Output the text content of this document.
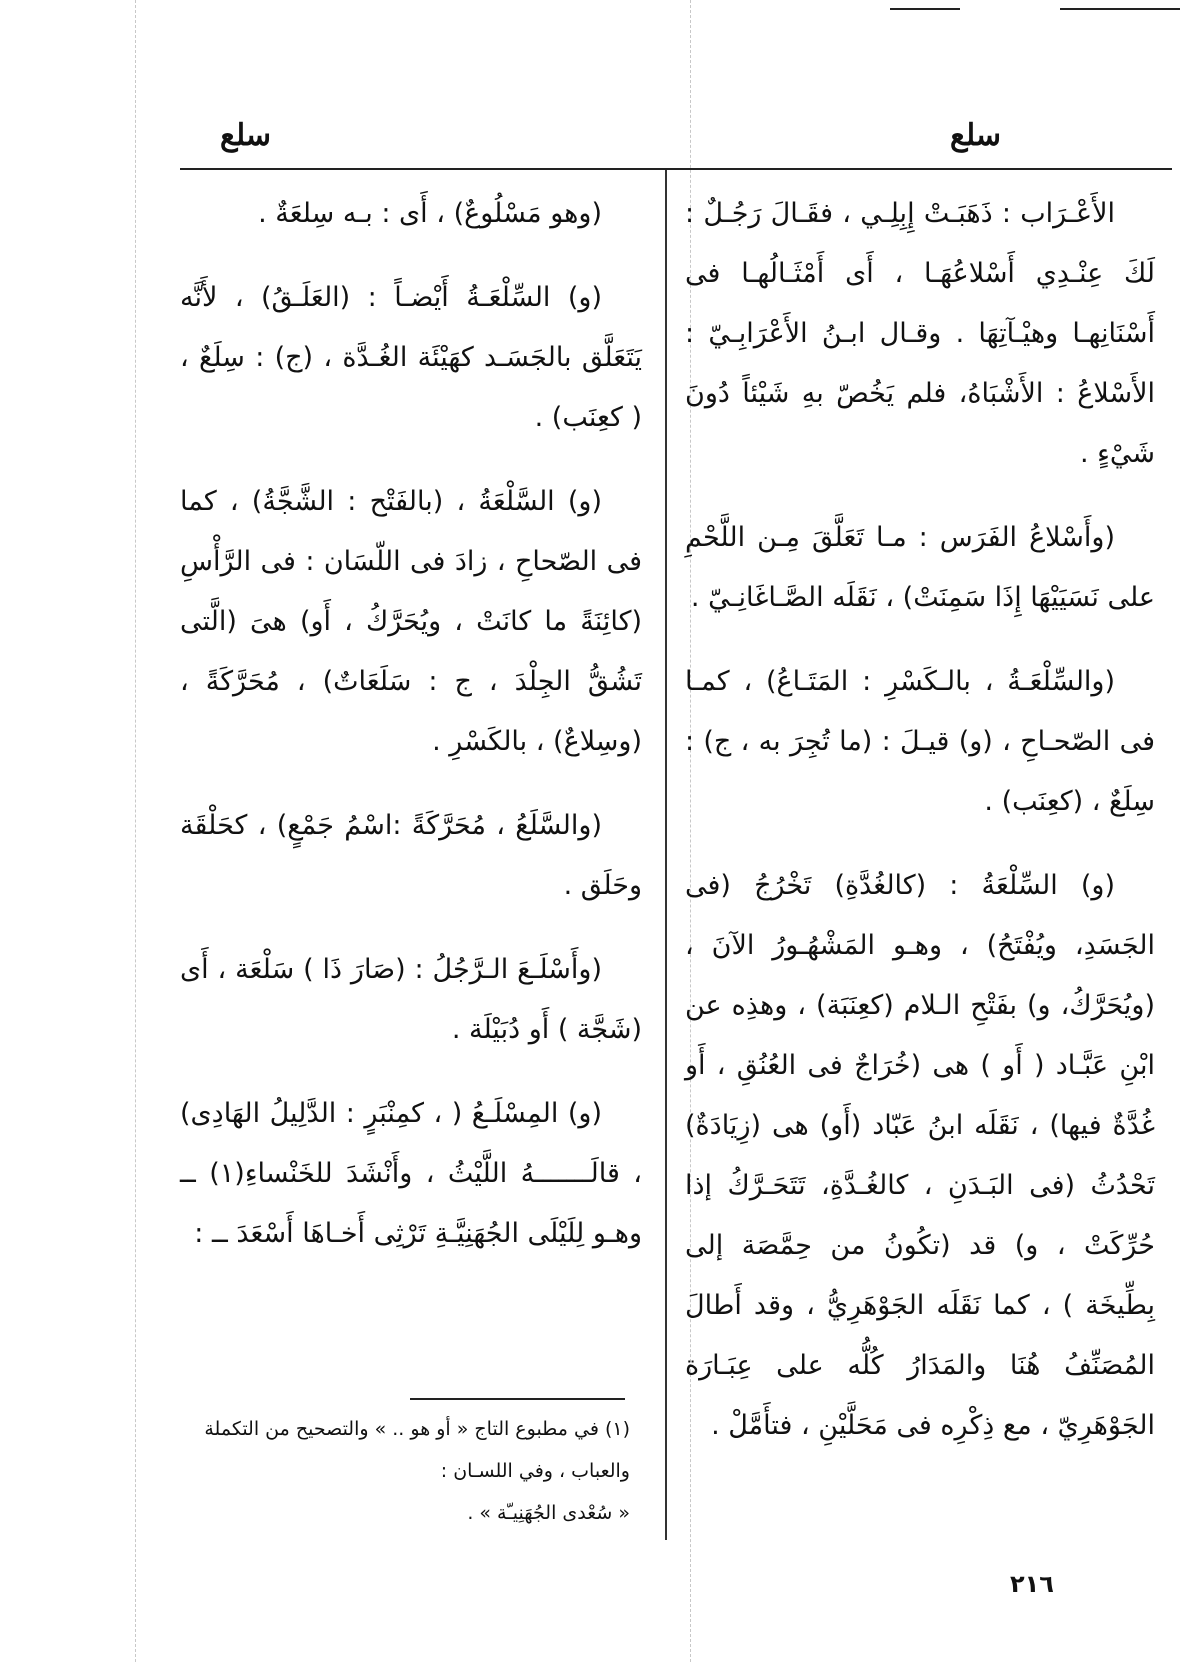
سلع
سلع

الأَعْـرَاب : ذَهَبَـتْ إِبِلِـي ، فقَـالَ رَجُـلٌ : لَكَ عِنْـدِي أَسْلاعُهَـا ، أَى أَمْثَـالُهـا فى أَسْنَانِهـا وهيْـآتِهَا . وقـال ابـنُ الأَعْرَابِـيّ : الأَسْلاعُ : الأَشْبَاهُ، فلم يَخُصّ بهِ شَيْئاً دُونَ شَيْءٍ .

(وأَسْلاعُ الفَرَس : مـا تَعَلَّقَ مِـن اللَّحْمِ على نَسَيَيْهَا إِذَا سَمِنَتْ) ، نَقَلَه الصَّـاغَانِـيّ .

(والسِّلْعَـةُ ، بالـكَسْرِ : المَتَـاعُ) ، كمـا فى الصّحـاحِ ، (و) قيـلَ : (ما تُجِرَ به ، ج) : سِلَعٌ ، (كعِنَب) .

(و) السِّلْعَةُ : (كالغُدَّةِ) تَخْرُجُ (فى الجَسَدِ، ويُفْتَحُ) ، وهـو المَشْهُـورُ الآنَ ، (ويُحَرَّكُ، و) بفَتْحِ الـلام (كعِنَبَة) ، وهذِه عن ابْنِ عَبَّـاد ( أَو ) هى (خُرَاجٌ فى العُنُقِ ، أَو غُدَّةٌ فيها) ، نَقَلَه ابنُ عَبّاد (أَو) هى (زِيَادَةٌ) تَحْدُثُ (فى البَـدَنِ ، كالغُـدَّةِ، تَتَحَـرَّكُ إذا حُرِّكَتْ ، و) قد (تكُونُ من حِمَّصَة إلى بِطِّيخَة ) ، كما نَقَلَه الجَوْهَرِيُّ ، وقد أَطالَ المُصَنِّفُ هُنَا والمَدَارُ كُلُّه على عِبَـارَة الجَوْهَرِيّ ، مع ذِكْرِه فى مَحَلَّيْنِ ، فتأَمَّلْ .

(وهو مَسْلُوعٌ) ، أَى : بـه سِلعَةٌ .

(و) السِّلْعَـةُ أَيْضـاً : (العَلَـقُ) ، لأَنَّه يَتَعَلَّق بالجَسَـد كهَيْئَة الغُـدَّة ، (ج) : سِلَعٌ ، ( كعِنَب) .

(و) السَّلْعَةُ ، (بالفَتْح : الشَّجَّةُ) ، كما فى الصّحاحِ ، زادَ فى اللّسَان : فى الرَّأْسِ (كائِنَةً ما كانَتْ ، ويُحَرَّكُ ، أَو) هىَ (الَّتى تَشُقُّ الجِلْدَ ، ج : سَلَعَاتٌ) ، مُحَرَّكَةً ، (وسِلاعٌ) ، بالكَسْرِ .

(والسَّلَعُ ، مُحَرَّكَةً :اسْمُ جَمْعٍ) ، كحَلْقَة وحَلَق .

(وأَسْلَـعَ الـرَّجُلُ : (صَارَ ذَا ) سَلْعَة ، أَى (شَجَّة ) أَو دُبَيْلَة .

(و) المِسْلَـعُ ( ، كمِنْبَرٍ : الدَّلِيلُ الهَادِى) ، قالَـــــــهُ اللَّيْثُ ، وأَنْشَدَ للخَنْساءِ(١) ــ وهـو لِلَيْلَى الجُهَنِيَّـةِ تَرْثِى أَخـاهَا أَسْعَدَ ــ :

(١) في مطبوع التاج « أو هو .. » والتصحيح من التكملة والعباب ، وفي اللسـان :
« سُعْدى الجُهَنِيـّة » .
٢١٦
